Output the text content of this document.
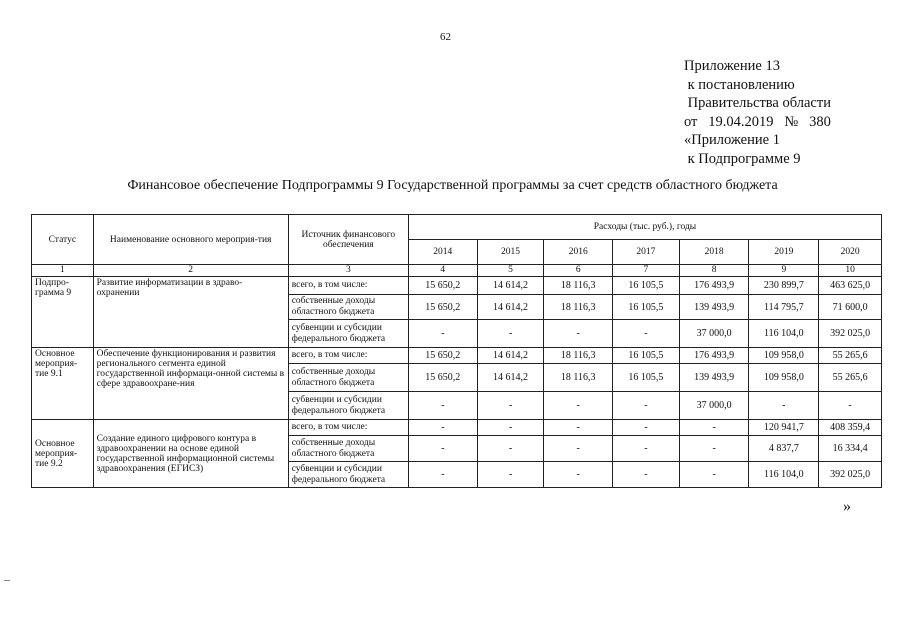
62
Приложение 13
к постановлению
Правительства области
от   19.04.2019   №   380
«Приложение 1
к Подпрограмме 9
Финансовое обеспечение Подпрограммы 9 Государственной программы за счет средств областного бюджета
Статус	Наименование основного мероприя-тия	Источник финансового обеспечения	Расходы (тыс. руб.), годы						
			2014	2015	2016	2017	2018	2019	2020
1	2	3	4	5	6	7	8	9	10
Подпро-грамма 9	Развитие информатизации в здраво-охранении	всего, в том числе:	15 650,2	14 614,2	18 116,3	16 105,5	176 493,9	230 899,7	463 625,0
		собственные доходы областного бюджета	15 650,2	14 614,2	18 116,3	16 105,5	139 493,9	114 795,7	71 600,0
		субвенции и субсидии федерального бюджета	-	-	-	-	37 000,0	116 104,0	392 025,0
Основное мероприя-тие 9.1	Обеспечение функционирования и развития регионального сегмента единой государственной информаци-онной системы в сфере здравоохране-ния	всего, в том числе:	15 650,2	14 614,2	18 116,3	16 105,5	176 493,9	109 958,0	55 265,6
		собственные доходы областного бюджета	15 650,2	14 614,2	18 116,3	16 105,5	139 493,9	109 958,0	55 265,6
		субвенции и субсидии федерального бюджета	-	-	-	-	37 000,0	-	-
Основное мероприя-тие 9.2	Создание единого цифрового контура в здравоохранении на основе единой государственной информационной системы здравоохранения (ЕГИСЗ)	всего, в том числе:	-	-	-	-	-	120 941,7	408 359,4
		собственные доходы областного бюджета	-	-	-	-	-	4 837,7	16 334,4
		субвенции и субсидии федерального бюджета	-	-	-	-	-	116 104,0	392 025,0
»
